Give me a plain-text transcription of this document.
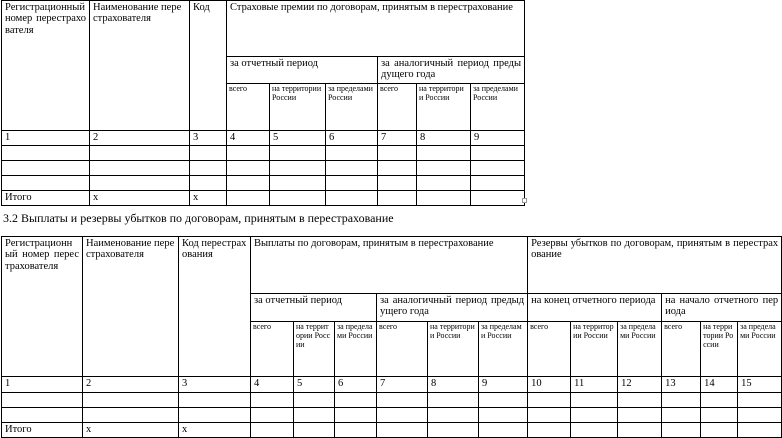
Регистрационный номер перестрахователя	Наименование перестрахователя	Код	Страховые премии по договорам, принятым в перестрахование					
			за отчетный период			за аналогичный период предыдущего года		
			всего	на территории России	за пределами России	всего	на территории России	за пределами России
1	2	3	4	5	6	7	8	9

Итого	х	х						
3.2 Выплаты и резервы убытков по договорам, принятым в перестрахование
Регистрационный номер перестрахователя	Наименование перестрахователя	Код перестрахования	Выплаты по договорам, принятым в перестрахование						Резервы убытков по договорам, принятым в перестрахование					
			за отчетный период			за аналогичный период предыдущего года			на конец отчетного периода			на начало отчетного периода		
			всего	на территории России	за пределами России	всего	на территории России	за пределами России	всего	на территории России	за пределами России	всего	на территории России	за пределами России
1	2	3	4	5	6	7	8	9	10	11	12	13	14	15

Итого	х	х												
